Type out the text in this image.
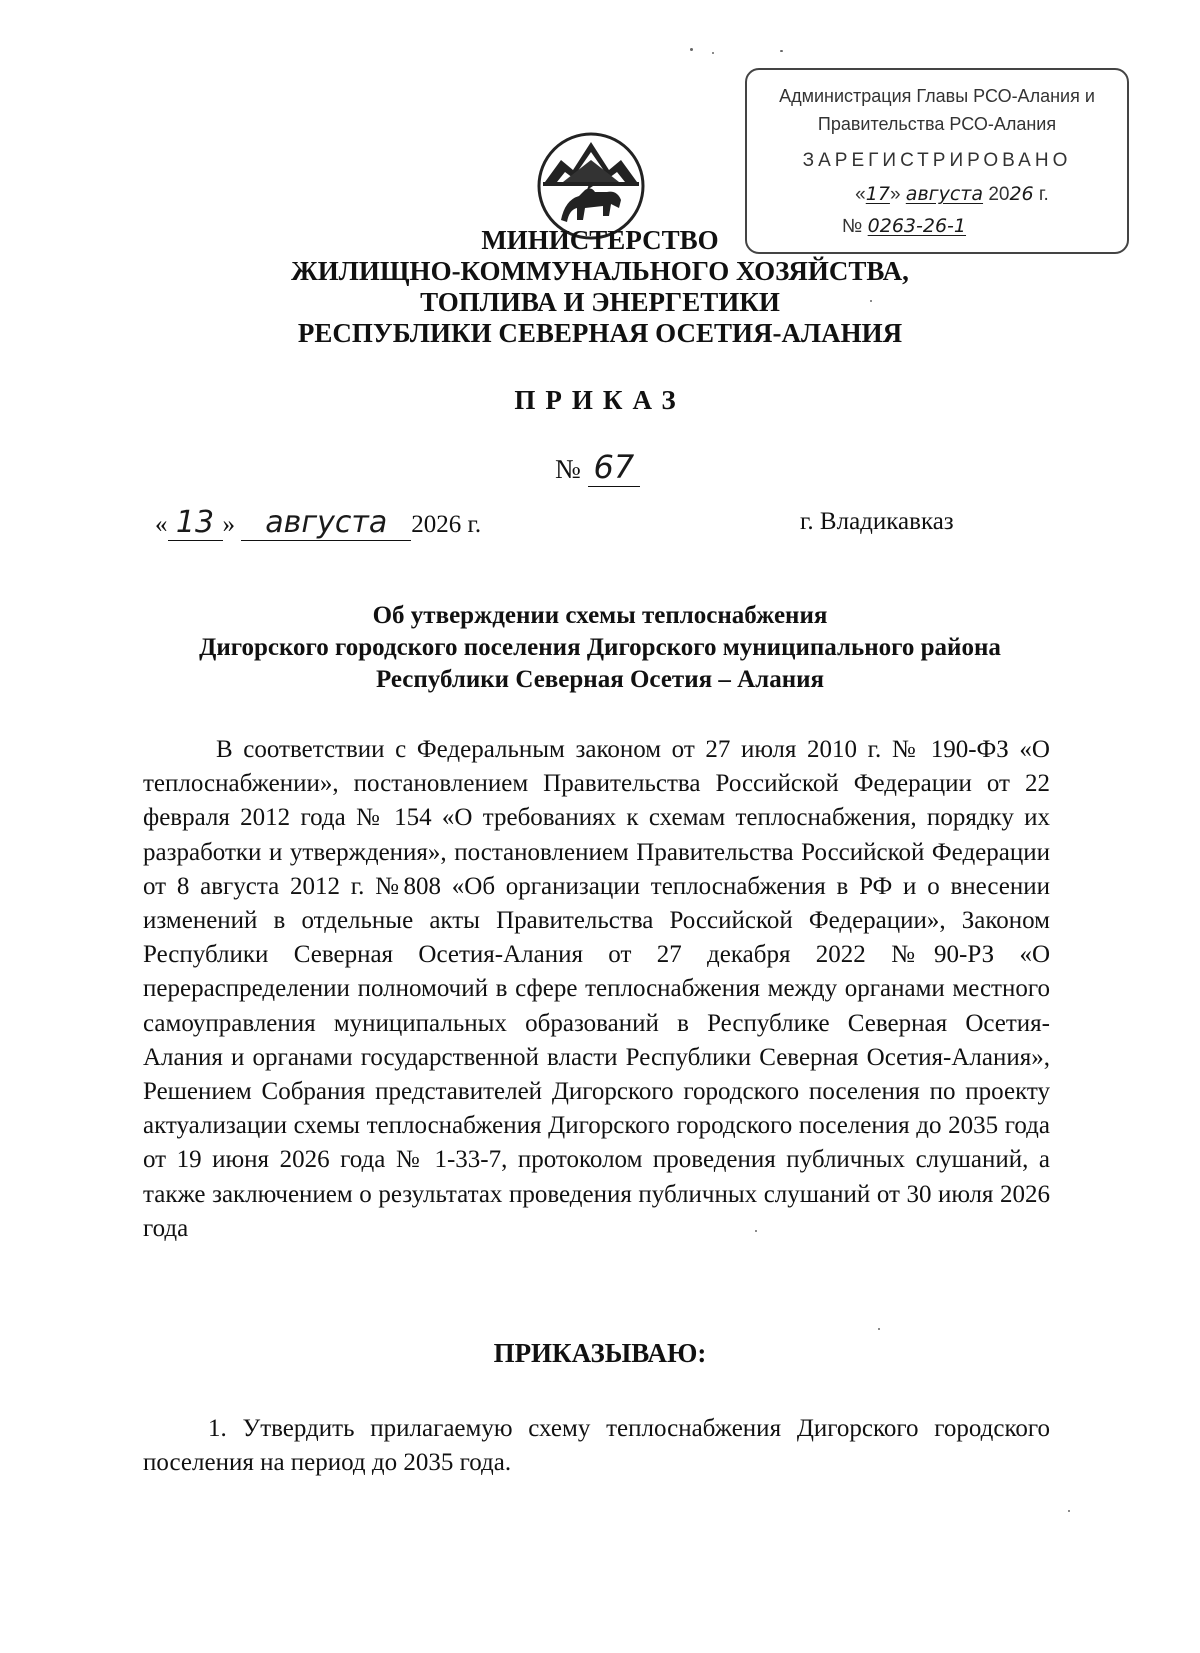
Администрация Главы РСО-Алания и
Правительства РСО-Алания
ЗАРЕГИСТРИРОВАНО
«17» августа 2026 г.
№ 0263-26-1
МИНИСТЕРСТВО
ЖИЛИЩНО-КОММУНАЛЬНОГО ХОЗЯЙСТВА,
ТОПЛИВА И ЭНЕРГЕТИКИ
РЕСПУБЛИКИ СЕВЕРНАЯ ОСЕТИЯ-АЛАНИЯ
ПРИКАЗ
№ 67
« 13 » августа 2026 г.	г. Владикавказ
Об утверждении схемы теплоснабжения
Дигорского городского поселения Дигорского муниципального района
Республики Северная Осетия – Алания
В соответствии с Федеральным законом от 27 июля 2010 г. № 190-ФЗ «О теплоснабжении», постановлением Правительства Российской Федерации от 22 февраля 2012 года № 154 «О требованиях к схемам теплоснабжения, порядку их разработки и утверждения», постановлением Правительства Российской Федерации от 8 августа 2012 г. №808 «Об организации теплоснабжения в РФ и о внесении изменений в отдельные акты Правительства Российской Федерации», Законом Республики Северная Осетия-Алания от 27 декабря 2022 №90-РЗ «О перераспределении полномочий в сфере теплоснабжения между органами местного самоуправления муниципальных образований в Республике Северная Осетия-Алания и органами государственной власти Республики Северная Осетия-Алания», Решением Собрания представителей Дигорского городского поселения по проекту актуализации схемы теплоснабжения Дигорского городского поселения до 2035 года от 19 июня 2026 года № 1-33-7, протоколом проведения публичных слушаний, а также заключением о результатах проведения публичных слушаний от 30 июля 2026 года
ПРИКАЗЫВАЮ:
1. Утвердить прилагаемую схему теплоснабжения Дигорского городского поселения на период до 2035 года.
